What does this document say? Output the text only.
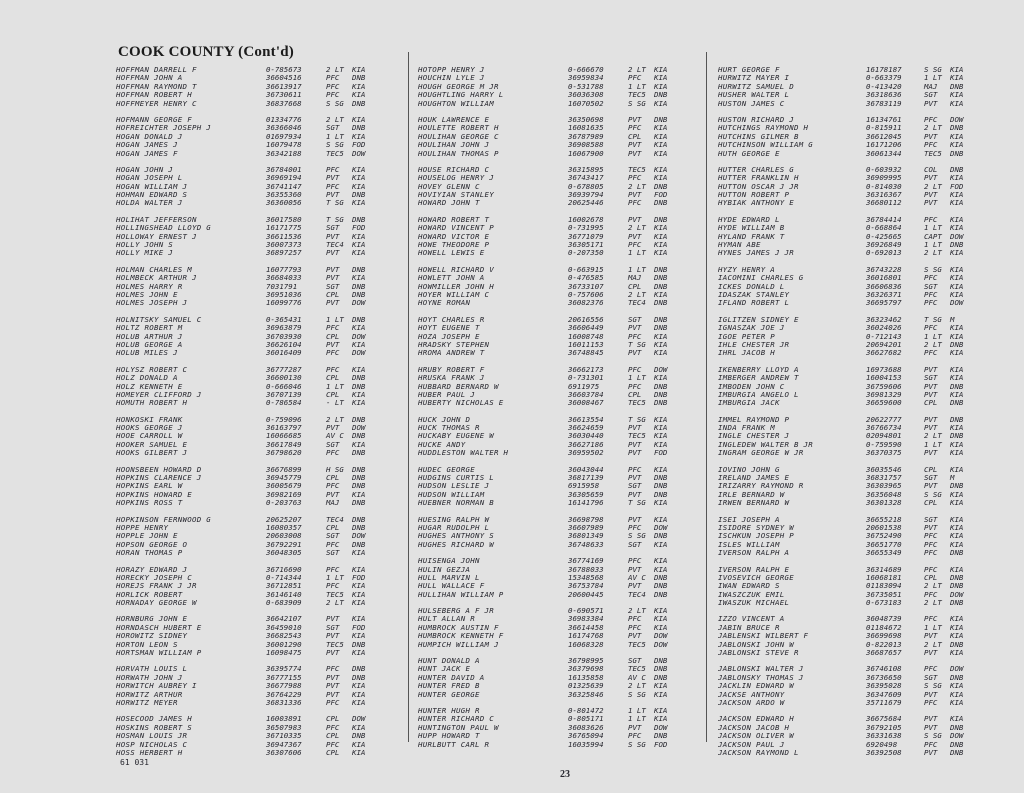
COOK COUNTY (Cont'd)
HOFFMAN DARRELL F	0-785673	2 LT	KIA
HOFFMAN JOHN A	36604516	PFC	DNB
HOFFMAN RAYMOND T	36613917	PFC	KIA
HOFFMAN ROBERT H	36730611	PFC	KIA
HOFFMEYER HENRY C	36837668	S SG	DNB
HOFMANN GEORGE F	01334776	2 LT	KIA
HOFREICHTER JOSEPH J	36366046	SGT	DNB
HOGAN DONALD J	01697934	1 LT	KIA
HOGAN JAMES J	16079478	S SG	FOD
HOGAN JAMES F	36342188	TEC5	DOW
HOGAN JOHN J	36784001	PFC	KIA
HOGAN JOSEPH L	36969194	PVT	KIA
HOGAN WILLIAM J	36741147	PFC	KIA
HOHMAN EDWARD S	36355360	PVT	DNB
HOLDA WALTER J	36360056	T SG	KIA
HOLIHAT JEFFERSON	36017580	T SG	DNB
HOLLINGSHEAD LLOYD G	16171775	SGT	FOD
HOLLOWAY ERNEST J	36611536	PVT	KIA
HOLLY JOHN S	36007373	TEC4	KIA
HOLLY MIKE J	36897257	PVT	KIA
HOLMAN CHARLES M	16077793	PVT	DNB
HOLMBECK ARTHUR J	36684033	PVT	KIA
HOLMES HARRY R	7031791	SGT	DNB
HOLMES JOHN E	36951036	CPL	DNB
HOLMES JOSEPH J	16099776	PVT	DOW
HOLNITSKY SAMUEL C	0-365431	1 LT	DNB
HOLTZ ROBERT M	36963879	PFC	KIA
HOLUB ARTHUR J	36703930	CPL	DOW
HOLUB GEORGE A	36626104	PVT	KIA
HOLUB MILES J	36016409	PFC	DOW
HOLYSZ ROBERT C	36777287	PFC	KIA
HOLZ DONALD A	36600130	CPL	DNB
HOLZ KENNETH E	0-666046	1 LT	DNB
HOMEYER CLIFFORD J	36707139	CPL	KIA
HOMUTH ROBERT H	0-786584	- LT	KIA
HONKOSKI FRANK	0-759096	2 LT	DNB
HOOKS GEORGE J	36163797	PVT	DOW
HOOE CARROLL W	16066685	AV C	DNB
HOOKER SAMUEL E	36617849	SGT	KIA
HOOKS GILBERT J	36798620	PFC	DNB
HOONSBEEN HOWARD D	36676899	H SG	DNB
HOPKINS CLARENCE J	36945779	CPL	DNB
HOPKINS EARL W	36005679	PFC	DNB
HOPKINS HOWARD E	36982169	PVT	KIA
HOPKINS ROSS T	0-203763	MAJ	DNB
HOPKINSON FERNWOOD G	20625207	TEC4	DNB
HOPPE HENRY	16080357	CPL	DNB
HOPPLE JOHN E	20603008	SGT	DOW
HOPSON GEORGE O	36792291	PFC	DNB
HORAN THOMAS P	36048305	SGT	KIA
HORAZY EDWARD J	36716690	PFC	KIA
HORECKY JOSEPH C	0-714344	1 LT	FOD
HOREJS FRANK J JR	36712851	PFC	KIA
HORLICK ROBERT	36146140	TEC5	KIA
HORNADAY GEORGE W	0-683909	2 LT	KIA
HORNBURG JOHN E	36642107	PVT	KIA
HORNDASCH HUBERT E	36459010	SGT	FOD
HOROWITZ SIDNEY	36682543	PVT	KIA
HORTON LEON S	36001290	TEC5	DNB
HORTSMAN WILLIAM P	16098475	PVT	KIA
HORVATH LOUIS L	36395774	PFC	DNB
HORWATH JOHN J	36777155	PVT	DNB
HORWITCH AUBREY I	36677988	PVT	KIA
HORWITZ ARTHUR	36764229	PVT	KIA
HORWITZ MEYER	36831336	PFC	KIA
HOSECOOD JAMES H	16003891	CPL	DOW
HOSKINS ROBERT S	36507983	PFC	KIA
HOSMAN LOUIS JR	36710335	CPL	DNB
HOSP NICHOLAS C	36947367	PFC	KIA
HOSS HERBERT H	36307606	CPL	KIA
HOTOPP HENRY J	0-666670	2 LT	KIA
HOUCHIN LYLE J	36959834	PFC	KIA
HOUGH GEORGE M JR	0-531788	1 LT	KIA
HOUGHTLING HARRY L	36036308	TEC5	DNB
HOUGHTON WILLIAM	16070502	S SG	KIA
HOUK LAWRENCE E	36350698	PVT	DNB
HOULETTE ROBERT H	16081635	PFC	KIA
HOULIHAN GEORGE C	36787989	CPL	KIA
HOULIHAN JOHN J	36908588	PVT	KIA
HOULIHAN THOMAS P	16067900	PVT	KIA
HOUSE RICHARD C	36315895	TEC5	KIA
HOUSELOG HENRY J	36743417	PFC	KIA
HOVEY GLENN C	0-678805	2 LT	DNB
HOVIYIAN STANLEY	36939794	PVT	FOD
HOWARD JOHN T	20625446	PFC	DNB
HOWARD ROBERT T	16002678	PVT	DNB
HOWARD VINCENT P	0-731995	2 LT	KIA
HOWARD VICTOR E	36771079	PVT	KIA
HOWE THEODORE P	36305171	PFC	KIA
HOWELL LEWIS E	0-207350	1 LT	KIA
HOWELL RICHARD V	0-663915	1 LT	DNB
HOWLETT JOHN A	0-476585	MAJ	DNB
HOWMILLER JOHN H	36733107	CPL	DNB
HOYER WILLIAM C	0-757606	2 LT	KIA
HOYNE ROMAN	36082376	TEC4	DNB
HOYT CHARLES R	20616556	SGT	DNB
HOYT EUGENE T	36606449	PVT	DNB
HOZA JOSEPH E	16008748	PFC	KIA
HRADSKY STEPHEN	16011153	T SG	KIA
HROMA ANDREW T	36748845	PVT	KIA
HRUBY ROBERT F	36662173	PFC	DOW
HRUSKA FRANK J	0-731301	1 LT	KIA
HUBBARD BERNARD W	6911975	PFC	DNB
HUBER PAUL J	36603784	CPL	DNB
HUBERTY NICHOLAS E	36008467	TEC5	DNB
HUCK JOHN D	36613554	T SG	KIA
HUCK THOMAS R	36624659	PVT	KIA
HUCKABY EUGENE W	36030440	TEC5	KIA
HUCKE ANDY	36627186	PVT	KIA
HUDDLESTON WALTER H	36959502	PVT	FOD
HUDEC GEORGE	36043044	PFC	KIA
HUDGINS CURTIS L	36817139	PVT	DNB
HUDSON LESLIE J	6915958	SGT	DNB
HUDSON WILLIAM	36305659	PVT	DNB
HUEBNER NORMAN B	16141796	T SG	KIA
HUESING RALPH W	36698798	PVT	KIA
HUGAR RUDOLPH L	36607989	PFC	DOW
HUGHES ANTHONY S	36801349	S SG	DNB
HUGHES RICHARD W	36748633	SGT	KIA
HUISENGA JOHN	36774169	PFC	KIA
HULIN GEZJA	36788033	PVT	KIA
HULL MARVIN L	15348568	AV C	DNB
HULL WALLACE F	36753784	PVT	DNB
HULLIHAN WILLIAM P	20600445	TEC4	DNB
HULSEBERG A F JR	0-690571	2 LT	KIA
HULT ALLAN R	36983384	PFC	KIA
HUMBROCK AUSTIN F	36614458	PFC	KIA
HUMBROCK KENNETH F	16174768	PVT	DOW
HUMPICH WILLIAM J	16068328	TEC5	DOW
HUNT DONALD A	36798995	SGT	DNB
HUNT JACK E	36379698	TEC5	DNB
HUNTER DAVID A	16135858	AV C	DNB
HUNTER FRED B	01325639	2 LT	KIA
HUNTER GEORGE	36325846	S SG	KIA
HUNTER HUGH R	0-801472	1 LT	KIA
HUNTER RICHARD C	0-805171	1 LT	KIA
HUNTINGTON PAUL W	36083626	PVT	DOW
HUPP HOWARD T	36765094	PFC	DNB
HURLBUTT CARL R	16035994	S SG	FOD
HURT GEORGE F	16178187	S SG	KIA
HURWITZ MAYER I	0-663379	1 LT	KIA
HURWITZ SAMUEL D	0-413420	MAJ	DNB
HUSHER WALTER L	36318636	SGT	KIA
HUSTON JAMES C	36783119	PVT	KIA
HUSTON RICHARD J	16134761	PFC	DOW
HUTCHINGS RAYMOND H	0-815911	2 LT	DNB
HUTCHINS GILMER B	36612045	PVT	KIA
HUTCHINSON WILLIAM G	16171206	PFC	KIA
HUTH GEORGE E	36061344	TEC5	DNB
HUTTER CHARLES G	0-603932	COL	DNB
HUTTER FRANKLIN H	36909995	PVT	KIA
HUTTON OSCAR J JR	0-814030	2 LT	FOD
HUTTON ROBERT P	36316367	PVT	KIA
HYBIAK ANTHONY E	36680112	PVT	KIA
HYDE EDWARD L	36784414	PFC	KIA
HYDE WILLIAM B	0-668864	1 LT	KIA
HYLAND FRANK T	0-425665	CAPT	DOW
HYMAN ABE	36926849	1 LT	DNB
HYNES JAMES J JR	0-692013	2 LT	KIA
HYZY HENRY A	36743228	S SG	KIA
IACOMINI CHARLES G	36016801	PFC	KIA
ICKES DONALD L	36606836	SGT	KIA
IDASZAK STANLEY	36326371	PFC	KIA
IFLAND ROBERT L	36695797	PFC	DOW
IGLITZEN SIDNEY E	36323462	T SG	M
IGNASZAK JOE J	36024026	PFC	KIA
IGOE PETER P	0-712143	1 LT	KIA
IHLE CHESTER JR	20694201	2 LT	DNB
IHRL JACOB H	36627682	PFC	KIA
IKENBERRY LLOYD A	16973688	PVT	KIA
IMBERGER ANDREW T	16004153	SGT	KIA
IMBODEN JOHN C	36759606	PVT	DNB
IMBURGIA ANGELO L	36981329	PVT	KIA
IMBURGIA JACK	36659600	CPL	DNB
IMMEL RAYMOND P	20622777	PVT	DNB
INDA FRANK M	36766734	PVT	KIA
INGLE CHESTER J	02094801	2 LT	DNB
INGLEDEW WALTER B JR	0-759590	1 LT	KIA
INGRAM GEORGE W JR	36370375	PVT	KIA
IOVINO JOHN G	36035546	CPL	KIA
IRELAND JAMES E	36831757	SGT	M
IRIZARRY RAYMOND R	36303965	PVT	DNB
IRLE BERNARD W	36356048	S SG	KIA
IRWEN BERNARD W	36301328	CPL	KIA
ISEI JOSEPH A	36655218	SGT	KIA
ISIDORE SYDNEY W	20601538	PVT	KIA
ISCHKUN JOSEPH P	36752490	PFC	KIA
ISLES WILLIAM	36651770	PFC	KIA
IVERSON RALPH A	36655349	PFC	DNB
IVERSON RALPH E	36314689	PFC	KIA
IVOSEVICH GEORGE	16068181	CPL	DNB
IWAN EDWARD S	01183094	2 LT	DNB
IWASZCZUK EMIL	36735051	PFC	DOW
IWASZUK MICHAEL	0-673183	2 LT	DNB
IZZO VINCENT A	36048739	PFC	KIA
JABIN BRUCE R	01184672	1 LT	KIA
JABLENSKI WILBERT F	36699698	PVT	KIA
JABLONSKI JOHN W	0-822013	2 LT	DNB
JABLONSKI STEVE R	36687657	PVT	KIA
JABLONSKI WALTER J	36746108	PFC	DOW
JABLONSKY THOMAS J	36736650	SGT	DNB
JACKLIN EDWARD W	36395028	S SG	KIA
JACKSE ANTHONY	36347609	PVT	KIA
JACKSON ARDO W	35711679	PFC	KIA
JACKSON EDWARD H	36675684	PVT	KIA
JACKSON JACOB H	36792105	PVT	DNB
JACKSON OLIVER W	36331638	S SG	DOW
JACKSON PAUL J	6920498	PFC	DNB
JACKSON RAYMOND L	36392508	PVT	DNB
61 031
23
